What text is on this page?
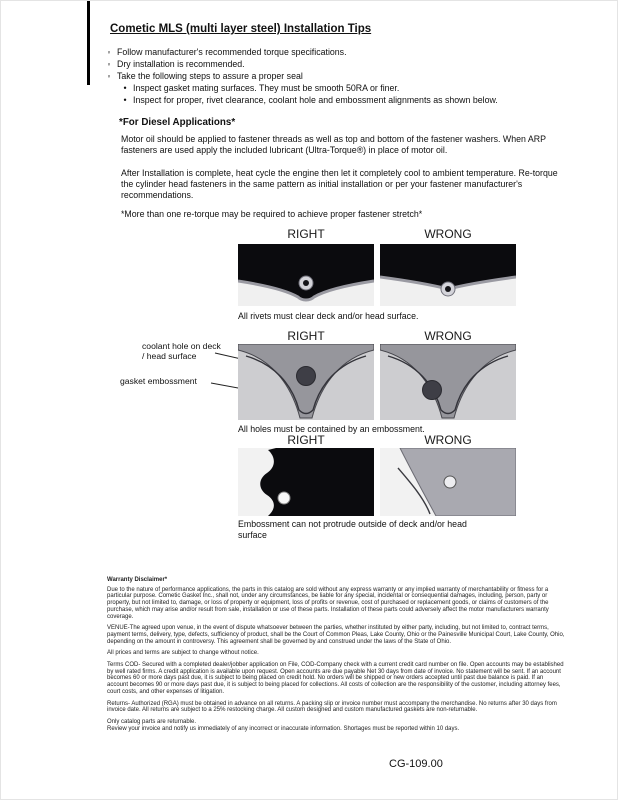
Cometic MLS (multi layer steel) Installation Tips
◦ Follow manufacturer's recommended torque specifications.
◦ Dry installation is recommended.
◦ Take the following steps to assure a proper seal
• Inspect gasket mating surfaces. They must be smooth 50RA or finer.
• Inspect for proper, rivet clearance, coolant hole and embossment alignments as shown below.
*For Diesel Applications*
Motor oil should be applied to fastener threads as well as top and bottom of the fastener washers. When ARP fasteners are used apply the included lubricant (Ultra-Torque®) in place of motor oil.
After Installation is complete, heat cycle the engine then let it completely cool to ambient temperature. Re-torque the cylinder head fasteners in the same pattern as initial installation or per your fastener manufacturer's recommendations.
*More than one re-torque may be required to achieve proper fastener stretch*
RIGHT	WRONG
All rivets must clear deck and/or head surface.
RIGHT	WRONG
coolant hole on deck / head surface
gasket embossment
All holes must be contained by an embossment.
RIGHT	WRONG
Embossment can not protrude outside of deck and/or head surface
Warranty Disclaimer*
Due to the nature of performance applications, the parts in this catalog are sold without any express warranty or any implied warranty of merchantability or fitness for a particular purpose. Cometic Gasket Inc., shall not, under any circumstances, be liable for any special, incidental or consequential damages, including, person, party or property, but not limited to, damage, or loss of property or equipment, loss of profits or revenue, cost of purchased or replacement goods, or claims of customers of the purchase, which may arise and/or result from sale, installation or use of these parts. Installation of these parts could adversely affect the motor manufacturers warranty coverage.
VENUE-The agreed upon venue, in the event of dispute whatsoever between the parties, whether instituted by either party, including, but not limited to, contract terms, payment terms, delivery, type, defects, sufficiency of product, shall be the Court of Common Pleas, Lake County, Ohio or the Painesville Municipal Court, Lake County, Ohio, depending on the amount in controversy. This agreement shall be governed by and construed under the laws of the State of Ohio.
All prices and terms are subject to change without notice.
Terms COD- Secured with a completed dealer/jobber application on File, COD-Company check with a current credit card number on file. Open accounts may be established by well rated firms. A credit application is available upon request. Open accounts are due payable Net 30 days from date of invoice. No statement will be sent. If an account becomes 60 or more days past due, it is subject to being placed on credit hold. No orders will be shipped or new orders accepted until past due balance is paid. If an account becomes 90 or more days past due, it is subject to being placed for collections. All costs of collection are the responsibility of the customer, including attorney fees, court costs, and other expenses of litigation.
Returns- Authorized (RGA) must be obtained in advance on all returns. A packing slip or invoice number must accompany the merchandise. No returns after 30 days from invoice date. All returns are subject to a 25% restocking charge. All custom designed and custom manufactured gaskets are non-returnable.
Only catalog parts are returnable.
Review your invoice and notify us immediately of any incorrect or inaccurate information. Shortages must be reported within 10 days.
CG-109.00
